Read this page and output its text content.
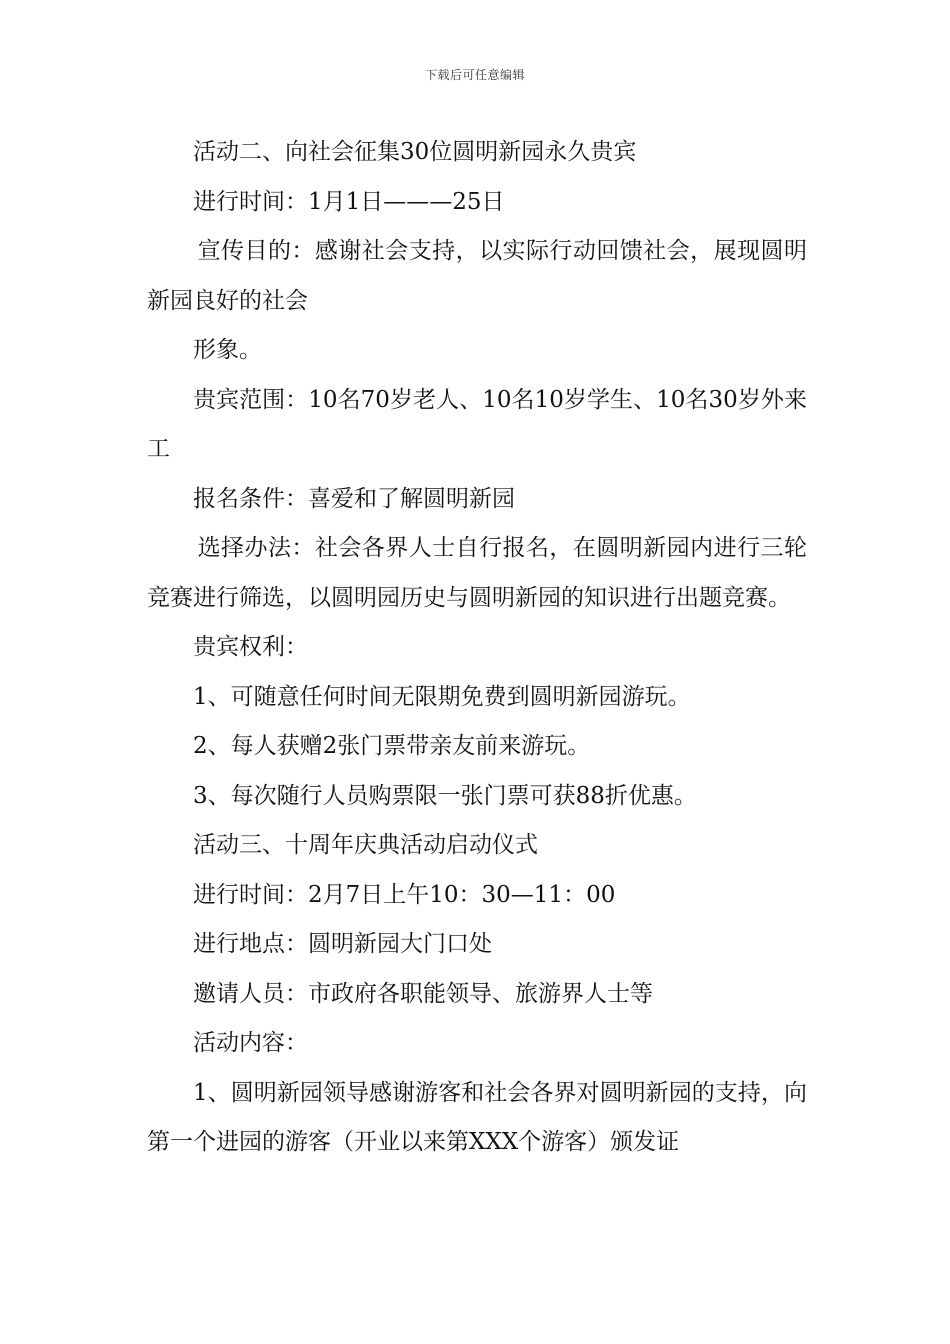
下载后可任意编辑

活动二、向社会征集30位圆明新园永久贵宾

进行时间：1月1日———25日

宣传目的：感谢社会支持，以实际行动回馈社会，展现圆明新园良好的社会

形象。

贵宾范围：10名70岁老人、10名10岁学生、10名30岁外来工

报名条件：喜爱和了解圆明新园

选择办法：社会各界人士自行报名，在圆明新园内进行三轮竞赛进行筛选，以圆明园历史与圆明新园的知识进行出题竞赛。

贵宾权利：

1、可随意任何时间无限期免费到圆明新园游玩。

2、每人获赠2张门票带亲友前来游玩。

3、每次随行人员购票限一张门票可获88折优惠。

活动三、十周年庆典活动启动仪式

进行时间：2月7日上午10：30—11：00

进行地点：圆明新园大门口处

邀请人员：市政府各职能领导、旅游界人士等

活动内容：

1、圆明新园领导感谢游客和社会各界对圆明新园的支持，向第一个进园的游客（开业以来第XXX个游客）颁发证
